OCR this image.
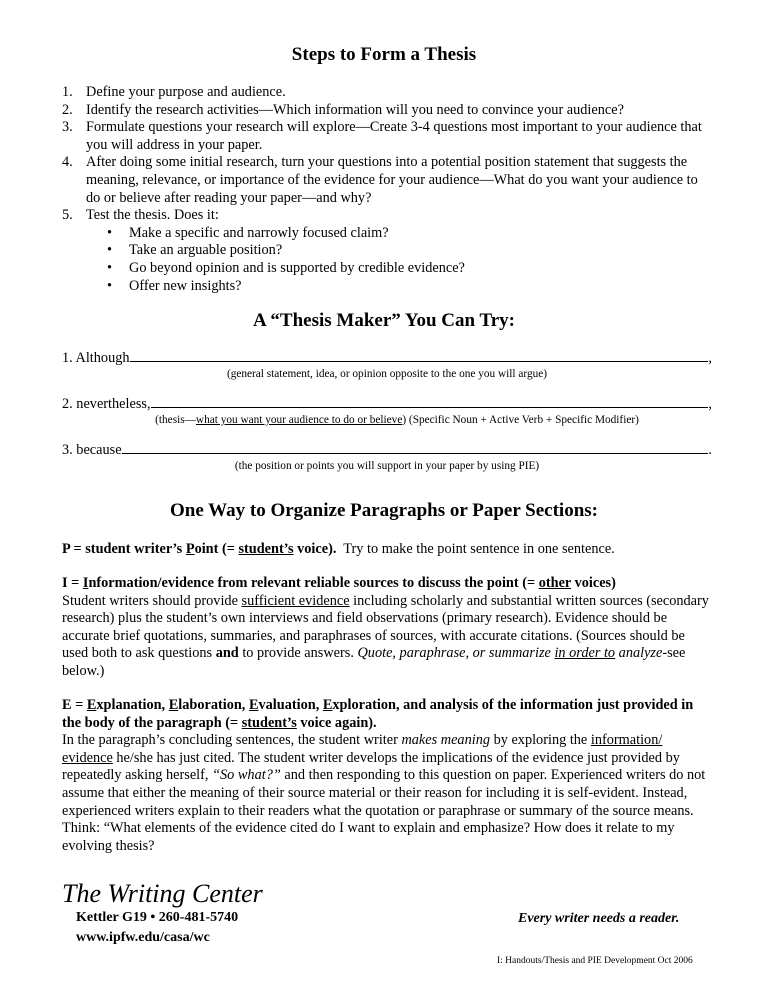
Steps to Form a Thesis
1. Define your purpose and audience.
2. Identify the research activities—Which information will you need to convince your audience?
3. Formulate questions your research will explore—Create 3-4 questions most important to your audience that you will address in your paper.
4. After doing some initial research, turn your questions into a potential position statement that suggests the meaning, relevance, or importance of the evidence for your audience—What do you want your audience to do or believe after reading your paper—and why?
5. Test the thesis. Does it:
• Make a specific and narrowly focused claim?
• Take an arguable position?
• Go beyond opinion and is supported by credible evidence?
• Offer new insights?
A “Thesis Maker” You Can Try:
1. Although	,
(general statement, idea, or opinion opposite to the one you will argue)
2. nevertheless,	,
(thesis—what you want your audience to do or believe) (Specific Noun + Active Verb + Specific Modifier)
3. because	.
(the position or points you will support in your paper by using PIE)
One Way to Organize Paragraphs or Paper Sections:
P = student writer’s Point (= student’s voice).  Try to make the point sentence in one sentence.
I = Information/evidence from relevant reliable sources to discuss the point (= other voices)
Student writers should provide sufficient evidence including scholarly and substantial written sources (secondary research) plus the student’s own interviews and field observations (primary research). Evidence should be accurate brief quotations, summaries, and paraphrases of sources, with accurate citations. (Sources should be used both to ask questions and to provide answers. Quote, paraphrase, or summarize in order to analyze-see below.)
E = Explanation, Elaboration, Evaluation, Exploration, and analysis of the information just provided in the body of the paragraph (= student’s voice again).
In the paragraph’s concluding sentences, the student writer makes meaning by exploring the information/ evidence he/she has just cited. The student writer develops the implications of the evidence just provided by repeatedly asking herself, “So what?” and then responding to this question on paper. Experienced writers do not assume that either the meaning of their source material or their reason for including it is self-evident. Instead, experienced writers explain to their readers what the quotation or paraphrase or summary of the source means. Think: “What elements of the evidence cited do I want to explain and emphasize? How does it relate to my evolving thesis?
The Writing Center
Kettler G19 • 260-481-5740
www.ipfw.edu/casa/wc
Every writer needs a reader.
I: Handouts/Thesis and PIE Development Oct 2006
